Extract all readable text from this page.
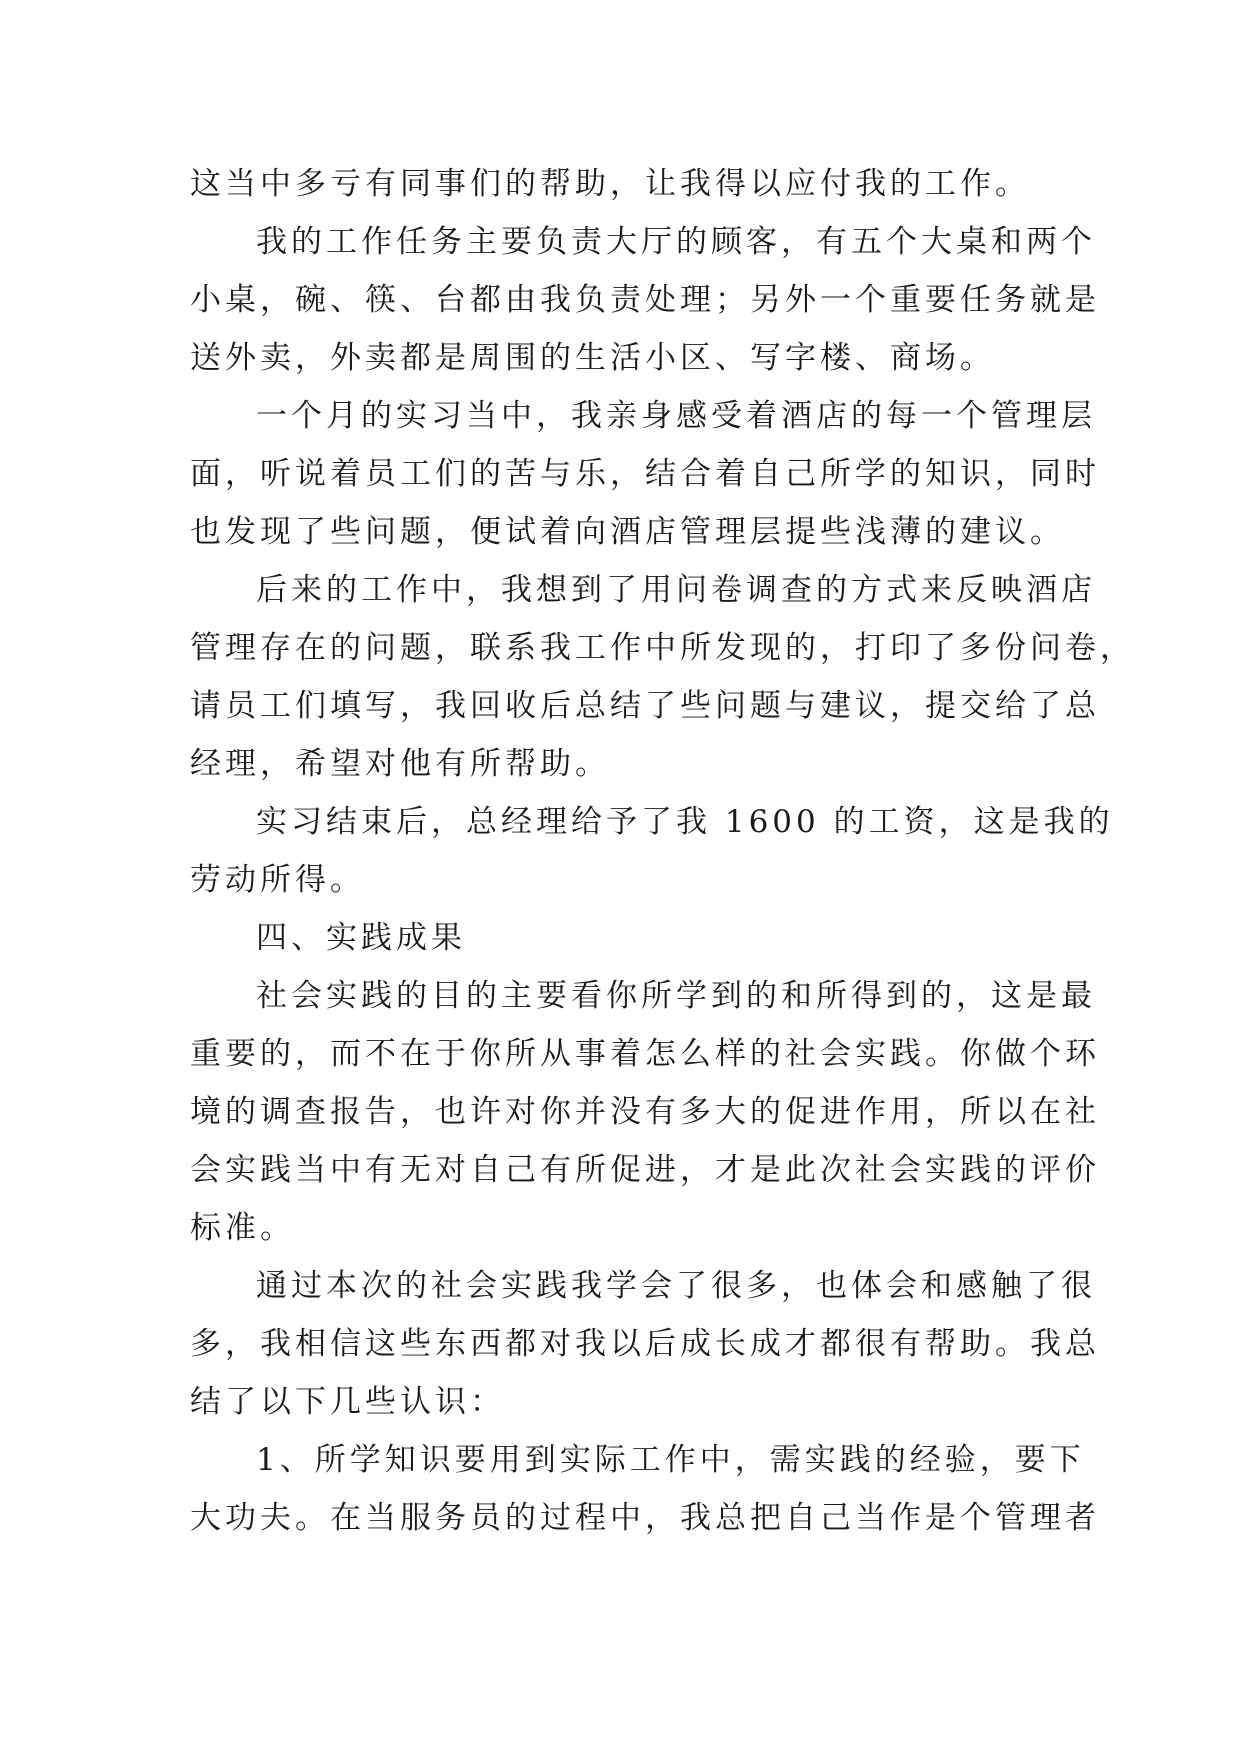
这当中多亏有同事们的帮助，让我得以应付我的工作。
我的工作任务主要负责大厅的顾客，有五个大桌和两个
小桌，碗、筷、台都由我负责处理；另外一个重要任务就是
送外卖，外卖都是周围的生活小区、写字楼、商场。
一个月的实习当中，我亲身感受着酒店的每一个管理层
面，听说着员工们的苦与乐，结合着自己所学的知识，同时
也发现了些问题，便试着向酒店管理层提些浅薄的建议。
后来的工作中，我想到了用问卷调查的方式来反映酒店
管理存在的问题，联系我工作中所发现的，打印了多份问卷，
请员工们填写，我回收后总结了些问题与建议，提交给了总
经理，希望对他有所帮助。
实习结束后，总经理给予了我 1600 的工资，这是我的
劳动所得。
四、实践成果
社会实践的目的主要看你所学到的和所得到的，这是最
重要的，而不在于你所从事着怎么样的社会实践。你做个环
境的调查报告，也许对你并没有多大的促进作用，所以在社
会实践当中有无对自己有所促进，才是此次社会实践的评价
标准。
通过本次的社会实践我学会了很多，也体会和感触了很
多，我相信这些东西都对我以后成长成才都很有帮助。我总
结了以下几些认识：
1、所学知识要用到实际工作中，需实践的经验，要下
大功夫。在当服务员的过程中，我总把自己当作是个管理者
